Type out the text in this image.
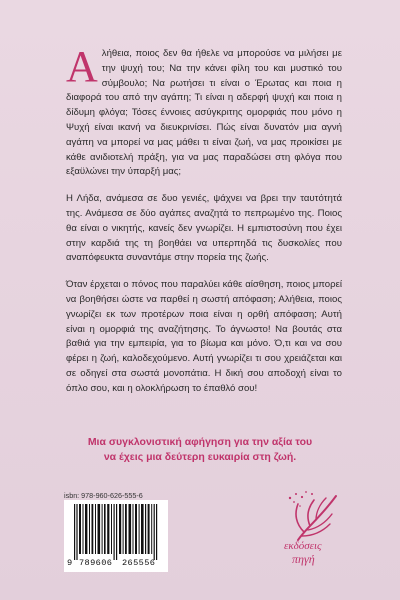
Αλήθεια, ποιος δεν θα ήθελε να μπορούσε να μιλήσει με την ψυχή του; Να την κάνει φίλη του και μυστικό του σύμβουλο; Να ρωτήσει τι είναι ο Έρωτας και ποια η διαφορά του από την αγάπη; Τι είναι η αδερφή ψυχή και ποια η δίδυμη φλόγα; Τόσες έννοιες ασύγκριτης ομορφιάς που μόνο η Ψυχή είναι ικανή να διευκρινίσει. Πώς είναι δυνατόν μια αγνή αγάπη να μπορεί να μας μάθει τι είναι ζωή, να μας προικίσει με κάθε ανιδιοτελή πράξη, για να μας παραδώσει στη φλόγα που εξαϋλώνει την ύπαρξή μας;

Η Λήδα, ανάμεσα σε δυο γενιές, ψάχνει να βρει την ταυτότητά της. Ανάμεσα σε δύο αγάπες αναζητά το πεπρωμένο της. Ποιος θα είναι ο νικητής, κανείς δεν γνωρίζει. Η εμπιστοσύνη που έχει στην καρδιά της τη βοηθάει να υπερπηδά τις δυσκολίες που αναπόφευκτα συναντάμε στην πορεία της ζωής.

Όταν έρχεται ο πόνος που παραλύει κάθε αίσθηση, ποιος μπορεί να βοηθήσει ώστε να παρθεί η σωστή απόφαση; Αλήθεια, ποιος γνωρίζει εκ των προτέρων ποια είναι η ορθή απόφαση; Αυτή είναι η ομορφιά της αναζήτησης. Το άγνωστο! Να βουτάς στα βαθιά για την εμπειρία, για το βίωμα και μόνο. Ό,τι και να σου φέρει η ζωή, καλοδεχούμενο. Αυτή γνωρίζει τι σου χρειάζεται και σε οδηγεί στα σωστά μονοπάτια. Η δική σου αποδοχή είναι το όπλο σου, και η ολοκλήρωση το έπαθλό σου!

Μια συγκλονιστική αφήγηση για την αξία του
να έχεις μια δεύτερη ευκαιρία στη ζωή.
isbn: 978-960-626-555-6
9 789606 265556
εκδόσεις
πηγή
